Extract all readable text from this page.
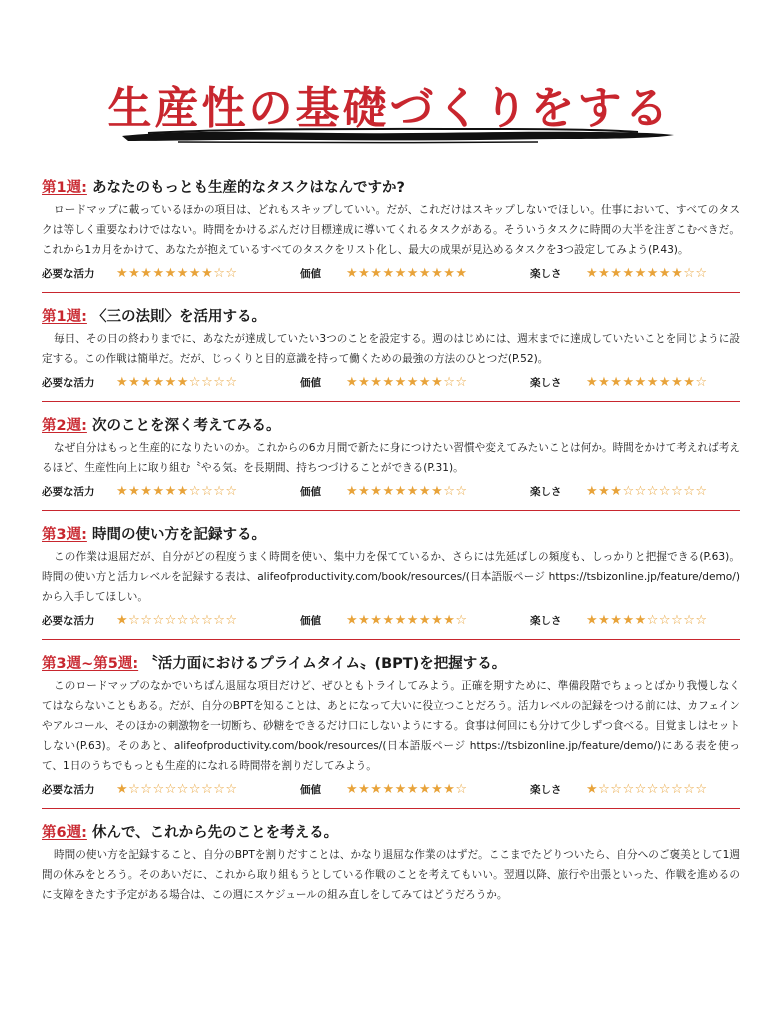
生産性の基礎づくりをする
第1週: あなたのもっとも生産的なタスクはなんですか?
ロードマップに載っているほかの項目は、どれもスキップしていい。だが、これだけはスキップしないでほしい。仕事において、すべてのタスクは等しく重要なわけではない。時間をかけるぶんだけ目標達成に導いてくれるタスクがある。そういうタスクに時間の大半を注ぎこむべきだ。これから1カ月をかけて、あなたが抱えているすべてのタスクをリスト化し、最大の成果が見込めるタスクを3つ設定してみよう(P.43)。
必要な活力	★★★★★★★★☆☆	価値	★★★★★★★★★★	楽しさ	★★★★★★★★☆☆
第1週: 〈三の法則〉を活用する。
毎日、その日の終わりまでに、あなたが達成していたい3つのことを設定する。週のはじめには、週末までに達成していたいことを同じように設定する。この作戦は簡単だ。だが、じっくりと目的意識を持って働くための最強の方法のひとつだ(P.52)。
必要な活力	★★★★★★☆☆☆☆	価値	★★★★★★★★☆☆	楽しさ	★★★★★★★★★☆
第2週: 次のことを深く考えてみる。
なぜ自分はもっと生産的になりたいのか。これからの6カ月間で新たに身につけたい習慣や変えてみたいことは何か。時間をかけて考えれば考えるほど、生産性向上に取り組む〝やる気〟を長期間、持ちつづけることができる(P.31)。
必要な活力	★★★★★★☆☆☆☆	価値	★★★★★★★★☆☆	楽しさ	★★★☆☆☆☆☆☆☆
第3週: 時間の使い方を記録する。
この作業は退屈だが、自分がどの程度うまく時間を使い、集中力を保てているか、さらには先延ばしの頻度も、しっかりと把握できる(P.63)。時間の使い方と活力レベルを記録する表は、alifeofproductivity.com/book/resources/(日本語版ページ https://tsbizonline.jp/feature/demo/)から入手してほしい。
必要な活力	★☆☆☆☆☆☆☆☆☆	価値	★★★★★★★★★☆	楽しさ	★★★★★☆☆☆☆☆
第3週~第5週: 〝活力面におけるプライムタイム〟(BPT)を把握する。
このロードマップのなかでいちばん退屈な項目だけど、ぜひともトライしてみよう。正確を期すために、準備段階でちょっとばかり我慢しなくてはならないこともある。だが、自分のBPTを知ることは、あとになって大いに役立つことだろう。活力レベルの記録をつける前には、カフェインやアルコール、そのほかの刺激物を一切断ち、砂糖をできるだけ口にしないようにする。食事は何回にも分けて少しずつ食べる。目覚ましはセットしない(P.63)。そのあと、alifeofproductivity.com/book/resources/(日本語版ページ https://tsbizonline.jp/feature/demo/)にある表を使って、1日のうちでもっとも生産的になれる時間帯を割りだしてみよう。
必要な活力	★☆☆☆☆☆☆☆☆☆	価値	★★★★★★★★★☆	楽しさ	★☆☆☆☆☆☆☆☆☆
第6週: 休んで、これから先のことを考える。
時間の使い方を記録すること、自分のBPTを割りだすことは、かなり退屈な作業のはずだ。ここまでたどりついたら、自分へのご褒美として1週間の休みをとろう。そのあいだに、これから取り組もうとしている作戦のことを考えてもいい。翌週以降、旅行や出張といった、作戦を進めるのに支障をきたす予定がある場合は、この週にスケジュールの組み直しをしてみてはどうだろうか。
